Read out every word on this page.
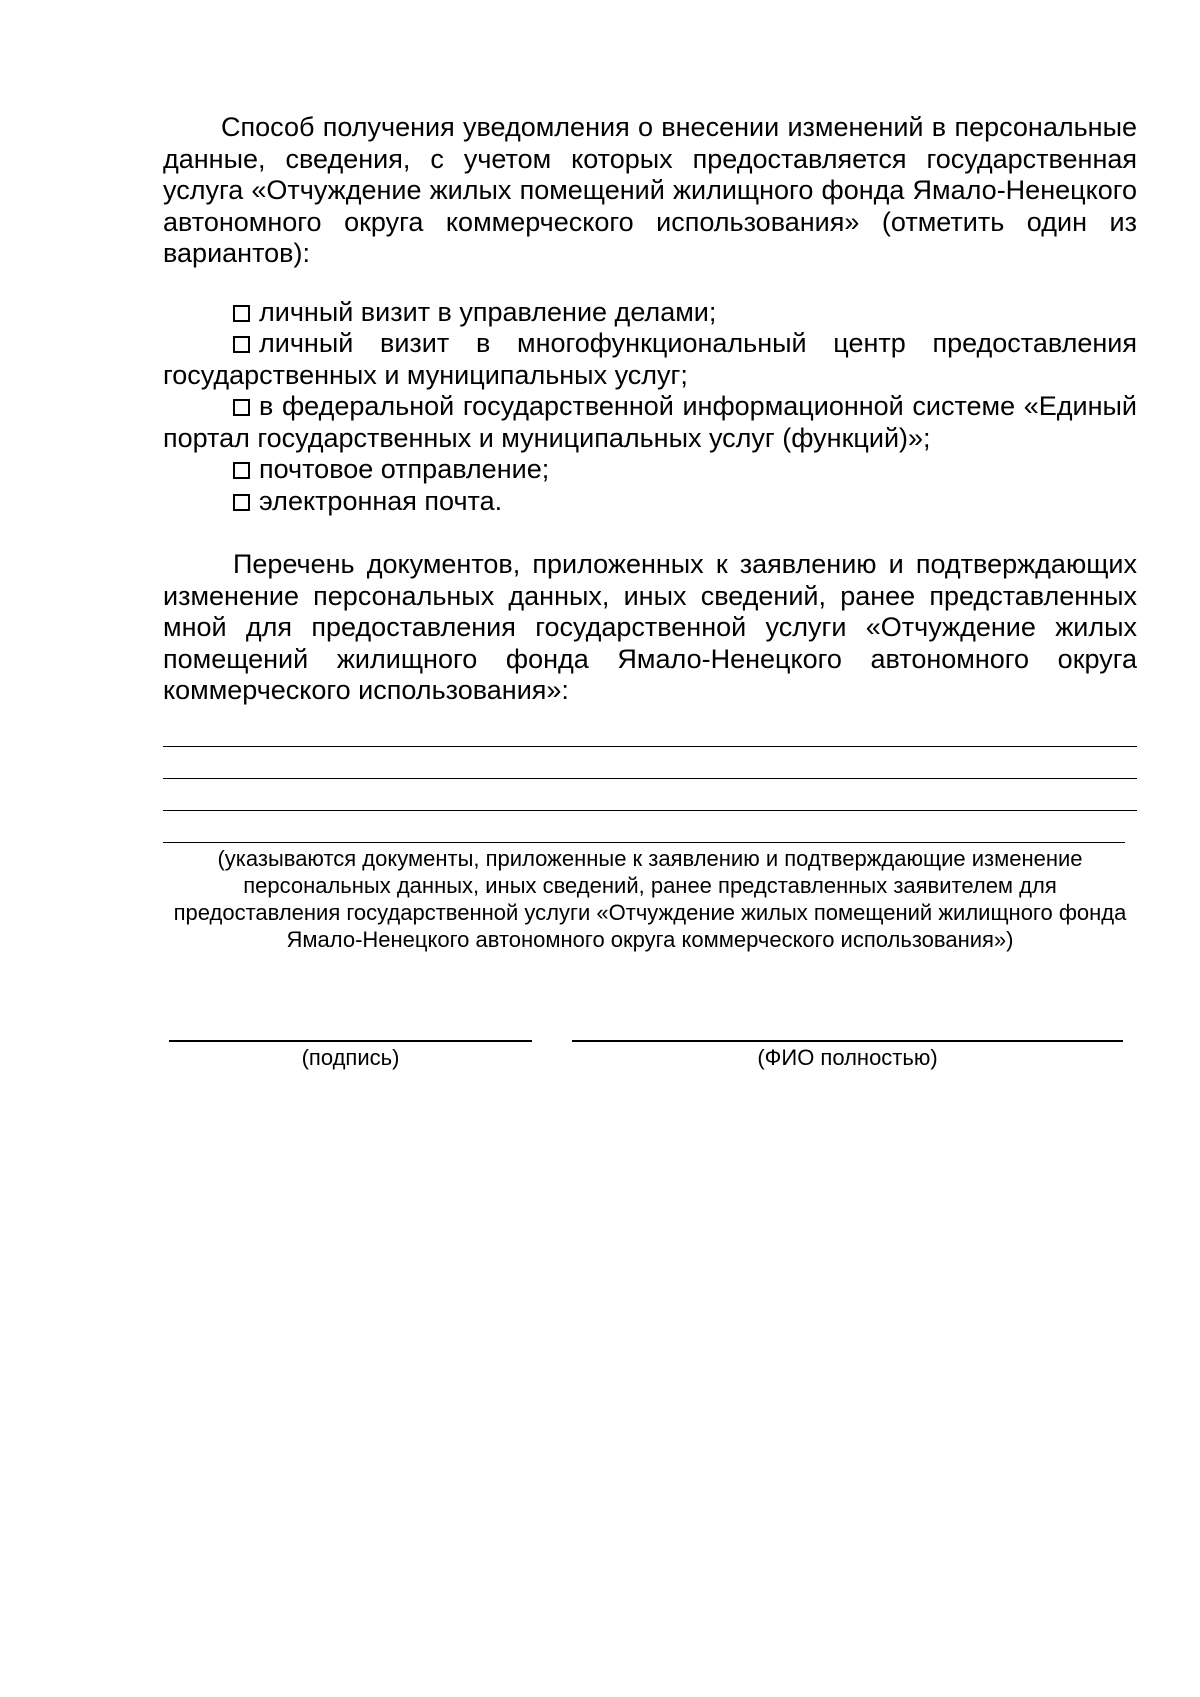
Способ получения уведомления о внесении изменений в персональные данные, сведения, с учетом которых предоставляется государственная услуга «Отчуждение жилых помещений жилищного фонда Ямало-Ненецкого автономного округа коммерческого использования» (отметить один из вариантов):

личный визит в управление делами;

личный визит в многофункциональный центр предоставления государственных и муниципальных услуг;

в федеральной государственной информационной системе «Единый портал государственных и муниципальных услуг (функций)»;

почтовое отправление;

электронная почта.

Перечень документов, приложенных к заявлению и подтверждающих изменение персональных данных, иных сведений, ранее представленных мной для предоставления государственной услуги «Отчуждение жилых помещений жилищного фонда Ямало-Ненецкого автономного округа коммерческого использования»:

(указываются документы, приложенные к заявлению и подтверждающие изменение персональных данных, иных сведений, ранее представленных заявителем для предоставления государственной услуги «Отчуждение жилых помещений жилищного фонда Ямало-Ненецкого автономного округа коммерческого использования»)
(подпись)	(ФИО полностью)
